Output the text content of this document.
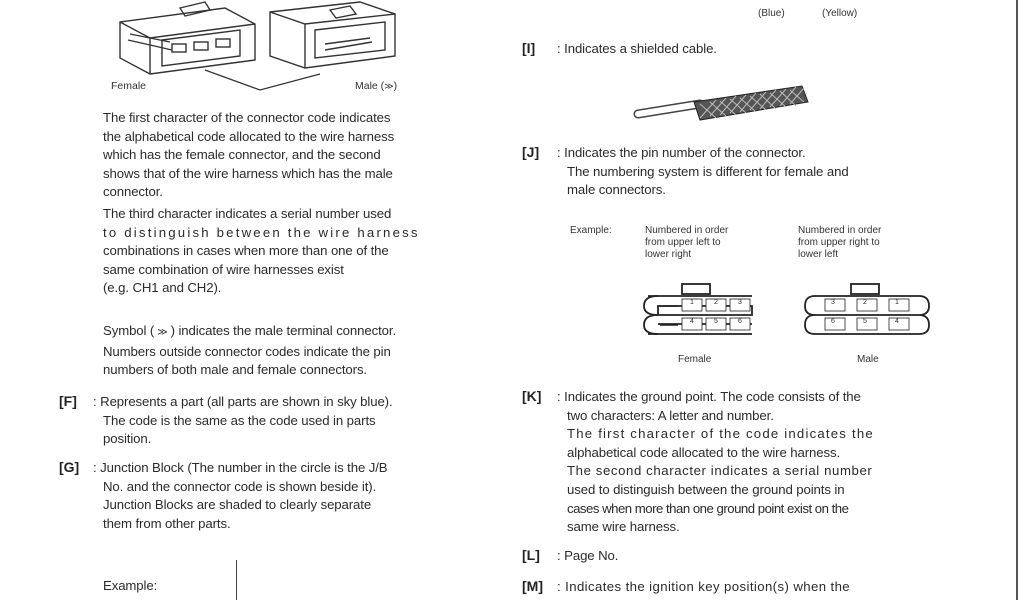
Female	Male (≫)
The first character of the connector code indicates
the alphabetical code allocated to the wire harness
which has the female connector, and the second
shows that of the wire harness which has the male
connector.
The third character indicates a serial number used
to distinguish between the wire harness
combinations in cases when more than one of the
same combination of wire harnesses exist
(e.g. CH1 and CH2).
Symbol ( ≫ ) indicates the male terminal connector.
Numbers outside connector codes indicate the pin
numbers of both male and female connectors.
[F] : Represents a part (all parts are shown in sky blue).
The code is the same as the code used in parts
position.
[G] : Junction Block (The number in the circle is the J/B
No. and the connector code is shown beside it).
Junction Blocks are shaded to clearly separate
them from other parts.
Example:
(Blue)	(Yellow)
[I] : Indicates a shielded cable.
[J] : Indicates the pin number of the connector.
The numbering system is different for female and
male connectors.
Example:	Numbered in order
from upper left to
lower right
Numbered in order
from upper right to
lower left
1	2	3
4	5	6
Female
3	2	1
6	5	4
Male
[K] : Indicates the ground point. The code consists of the
two characters: A letter and number.
The first character of the code indicates the
alphabetical code allocated to the wire harness.
The second character indicates a serial number
used to distinguish between the ground points in
cases when more than one ground point exist on the
same wire harness.
[L] : Page No.
[M] : Indicates the ignition key position(s) when the
